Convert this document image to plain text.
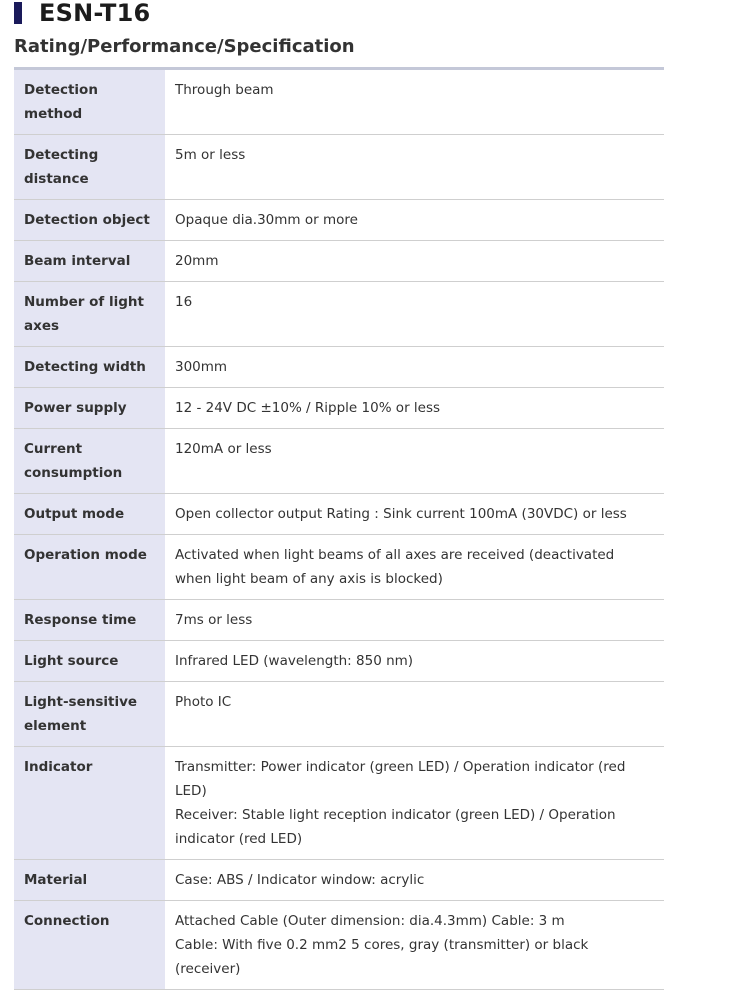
ESN-T16
Rating/Performance/Specification
Detection method	Through beam

Detecting distance	5m or less

Detection object	Opaque dia.30mm or more

Beam interval	20mm

Number of light axes	16

Detecting width	300mm

Power supply	12 - 24V DC ±10% / Ripple 10% or less

Current consumption	120mA or less

Output mode	Open collector output Rating : Sink current 100mA (30VDC) or less

Operation mode	Activated when light beams of all axes are received (deactivated when light beam of any axis is blocked)

Response time	7ms or less

Light source	Infrared LED (wavelength: 850 nm)

Light-sensitive element	Photo IC

Indicator	Transmitter: Power indicator (green LED) / Operation indicator (red LED)
Receiver: Stable light reception indicator (green LED) / Operation indicator (red LED)

Material	Case: ABS / Indicator window: acrylic

Connection	Attached Cable (Outer dimension: dia.4.3mm) Cable: 3 m
Cable: With five 0.2 mm2 5 cores, gray (transmitter) or black (receiver)
